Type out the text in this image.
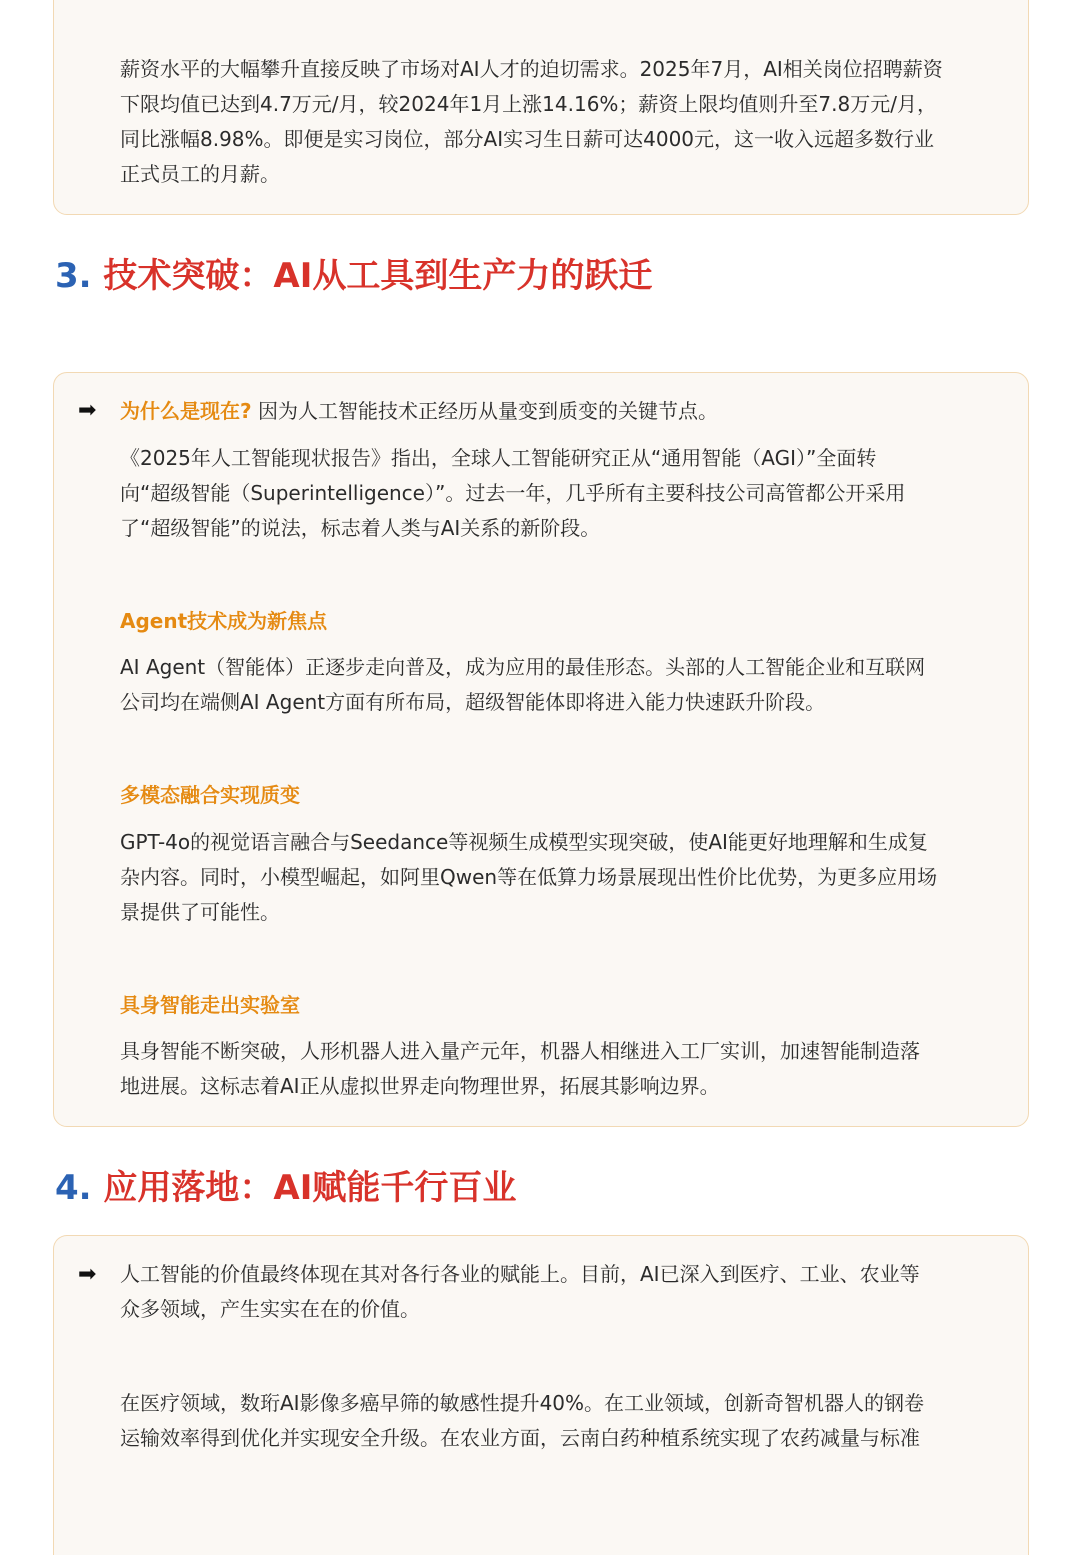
薪资水平的大幅攀升直接反映了市场对AI人才的迫切需求。2025年7月，AI相关岗位招聘薪资
下限均值已达到4.7万元/月，较2024年1月上涨14.16%；薪资上限均值则升至7.8万元/月，
同比涨幅8.98%。即便是实习岗位，部分AI实习生日薪可达4000元，这一收入远超多数行业
正式员工的月薪。

3. 技术突破：AI从工具到生产力的跃迁
➡ 为什么是现在? 因为人工智能技术正经历从量变到质变的关键节点。

《2025年人工智能现状报告》指出，全球人工智能研究正从“通用智能（AGI）”全面转
向“超级智能（Superintelligence）”。过去一年，几乎所有主要科技公司高管都公开采用
了“超级智能”的说法，标志着人类与AI关系的新阶段。

Agent技术成为新焦点

AI Agent（智能体）正逐步走向普及，成为应用的最佳形态。头部的人工智能企业和互联网
公司均在端侧AI Agent方面有所布局，超级智能体即将进入能力快速跃升阶段。

多模态融合实现质变

GPT-4o的视觉语言融合与Seedance等视频生成模型实现突破，使AI能更好地理解和生成复
杂内容。同时，小模型崛起，如阿里Qwen等在低算力场景展现出性价比优势，为更多应用场
景提供了可能性。

具身智能走出实验室

具身智能不断突破，人形机器人进入量产元年，机器人相继进入工厂实训，加速智能制造落
地进展。这标志着AI正从虚拟世界走向物理世界，拓展其影响边界。

4. 应用落地：AI赋能千行百业
➡ 人工智能的价值最终体现在其对各行各业的赋能上。目前，AI已深入到医疗、工业、农业等
众多领域，产生实实在在的价值。

在医疗领域，数珩AI影像多癌早筛的敏感性提升40%。在工业领域，创新奇智机器人的钢卷
运输效率得到优化并实现安全升级。在农业方面，云南白药种植系统实现了农药减量与标准
